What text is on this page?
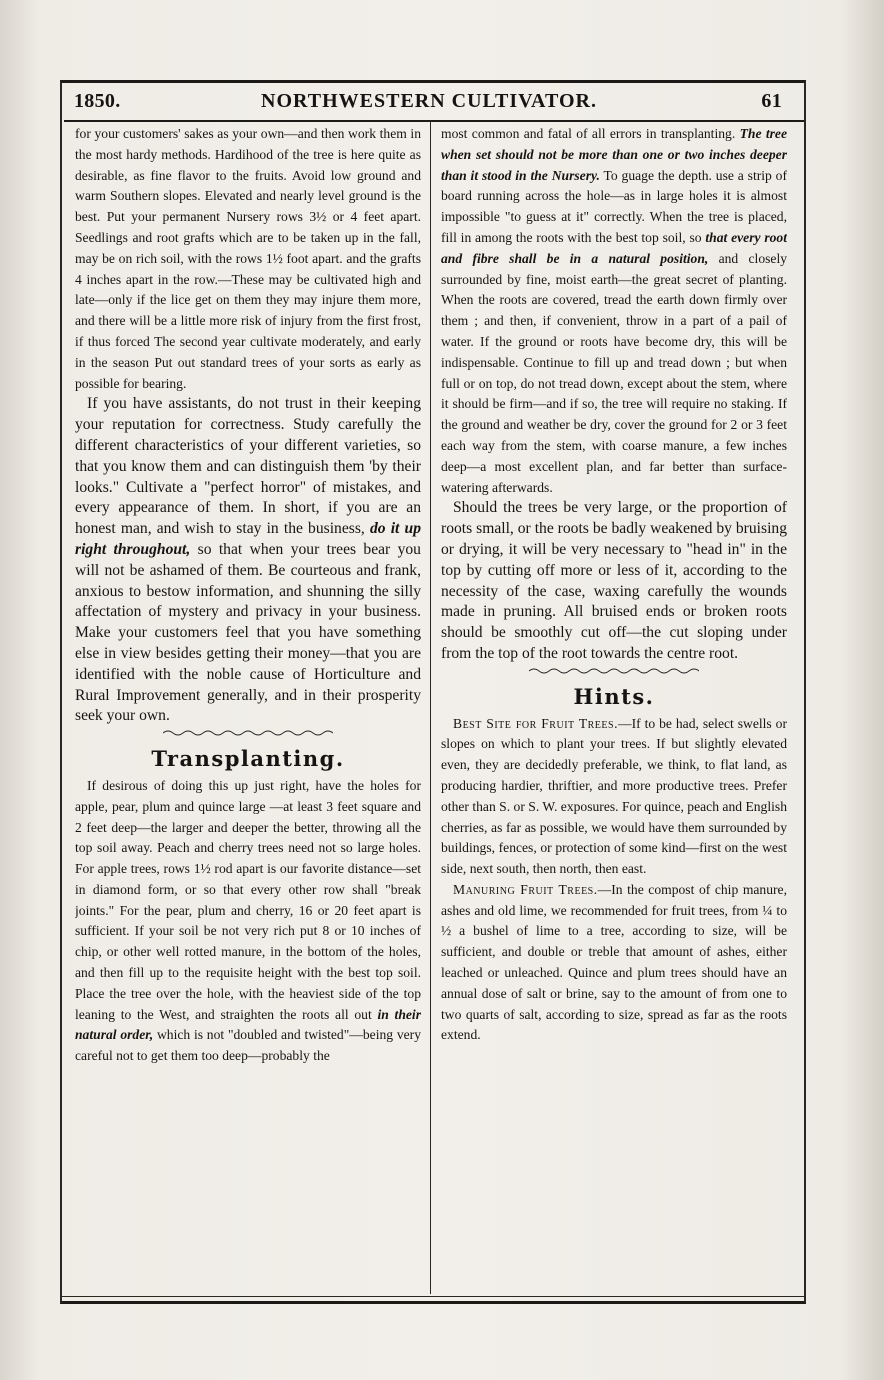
1850.	NORTHWESTERN CULTIVATOR.	61

for your customers' sakes as your own—and then work them in the most hardy methods. Hardihood of the tree is here quite as desirable, as fine flavor to the fruits. Avoid low ground and warm Southern slopes. Elevated and nearly level ground is the best. Put your permanent Nursery rows 3½ or 4 feet apart. Seedlings and root grafts which are to be taken up in the fall, may be on rich soil, with the rows 1½ foot apart. and the grafts 4 inches apart in the row.—These may be cultivated high and late—only if the lice get on them they may injure them more, and there will be a little more risk of injury from the first frost, if thus forced The second year cultivate moderately, and early in the season Put out standard trees of your sorts as early as possible for bearing.

If you have assistants, do not trust in their keeping your reputation for correctness. Study carefully the different characteristics of your different varieties, so that you know them and can distinguish them 'by their looks." Cultivate a "perfect horror" of mistakes, and every appearance of them. In short, if you are an honest man, and wish to stay in the business, do it up right throughout, so that when your trees bear you will not be ashamed of them. Be courteous and frank, anxious to bestow information, and shunning the silly affectation of mystery and privacy in your business. Make your customers feel that you have something else in view besides getting their money—that you are identified with the noble cause of Horticulture and Rural Improvement generally, and in their prosperity seek your own.

Transplanting.

If desirous of doing this up just right, have the holes for apple, pear, plum and quince large —at least 3 feet square and 2 feet deep—the larger and deeper the better, throwing all the top soil away. Peach and cherry trees need not so large holes. For apple trees, rows 1½ rod apart is our favorite distance—set in diamond form, or so that every other row shall "break joints." For the pear, plum and cherry, 16 or 20 feet apart is sufficient. If your soil be not very rich put 8 or 10 inches of chip, or other well rotted manure, in the bottom of the holes, and then fill up to the requisite height with the best top soil. Place the tree over the hole, with the heaviest side of the top leaning to the West, and straighten the roots all out in their natural order, which is not "doubled and twisted"—being very careful not to get them too deep—probably the

most common and fatal of all errors in transplanting. The tree when set should not be more than one or two inches deeper than it stood in the Nursery. To guage the depth. use a strip of board running across the hole—as in large holes it is almost impossible "to guess at it" correctly. When the tree is placed, fill in among the roots with the best top soil, so that every root and fibre shall be in a natural position, and closely surrounded by fine, moist earth—the great secret of planting. When the roots are covered, tread the earth down firmly over them ; and then, if convenient, throw in a part of a pail of water. If the ground or roots have become dry, this will be indispensable. Continue to fill up and tread down ; but when full or on top, do not tread down, except about the stem, where it should be firm—and if so, the tree will require no staking. If the ground and weather be dry, cover the ground for 2 or 3 feet each way from the stem, with coarse manure, a few inches deep—a most excellent plan, and far better than surface-watering afterwards.

Should the trees be very large, or the proportion of roots small, or the roots be badly weakened by bruising or drying, it will be very necessary to "head in" in the top by cutting off more or less of it, according to the necessity of the case, waxing carefully the wounds made in pruning. All bruised ends or broken roots should be smoothly cut off—the cut sloping under from the top of the root towards the centre root.

Hints.

Best Site for Fruit Trees.—If to be had, select swells or slopes on which to plant your trees. If but slightly elevated even, they are decidedly preferable, we think, to flat land, as producing hardier, thriftier, and more productive trees. Prefer other than S. or S. W. exposures. For quince, peach and English cherries, as far as possible, we would have them surrounded by buildings, fences, or protection of some kind—first on the west side, next south, then north, then east.

Manuring Fruit Trees.—In the compost of chip manure, ashes and old lime, we recommended for fruit trees, from ¼ to ½ a bushel of lime to a tree, according to size, will be sufficient, and double or treble that amount of ashes, either leached or unleached. Quince and plum trees should have an annual dose of salt or brine, say to the amount of from one to two quarts of salt, according to size, spread as far as the roots extend.
